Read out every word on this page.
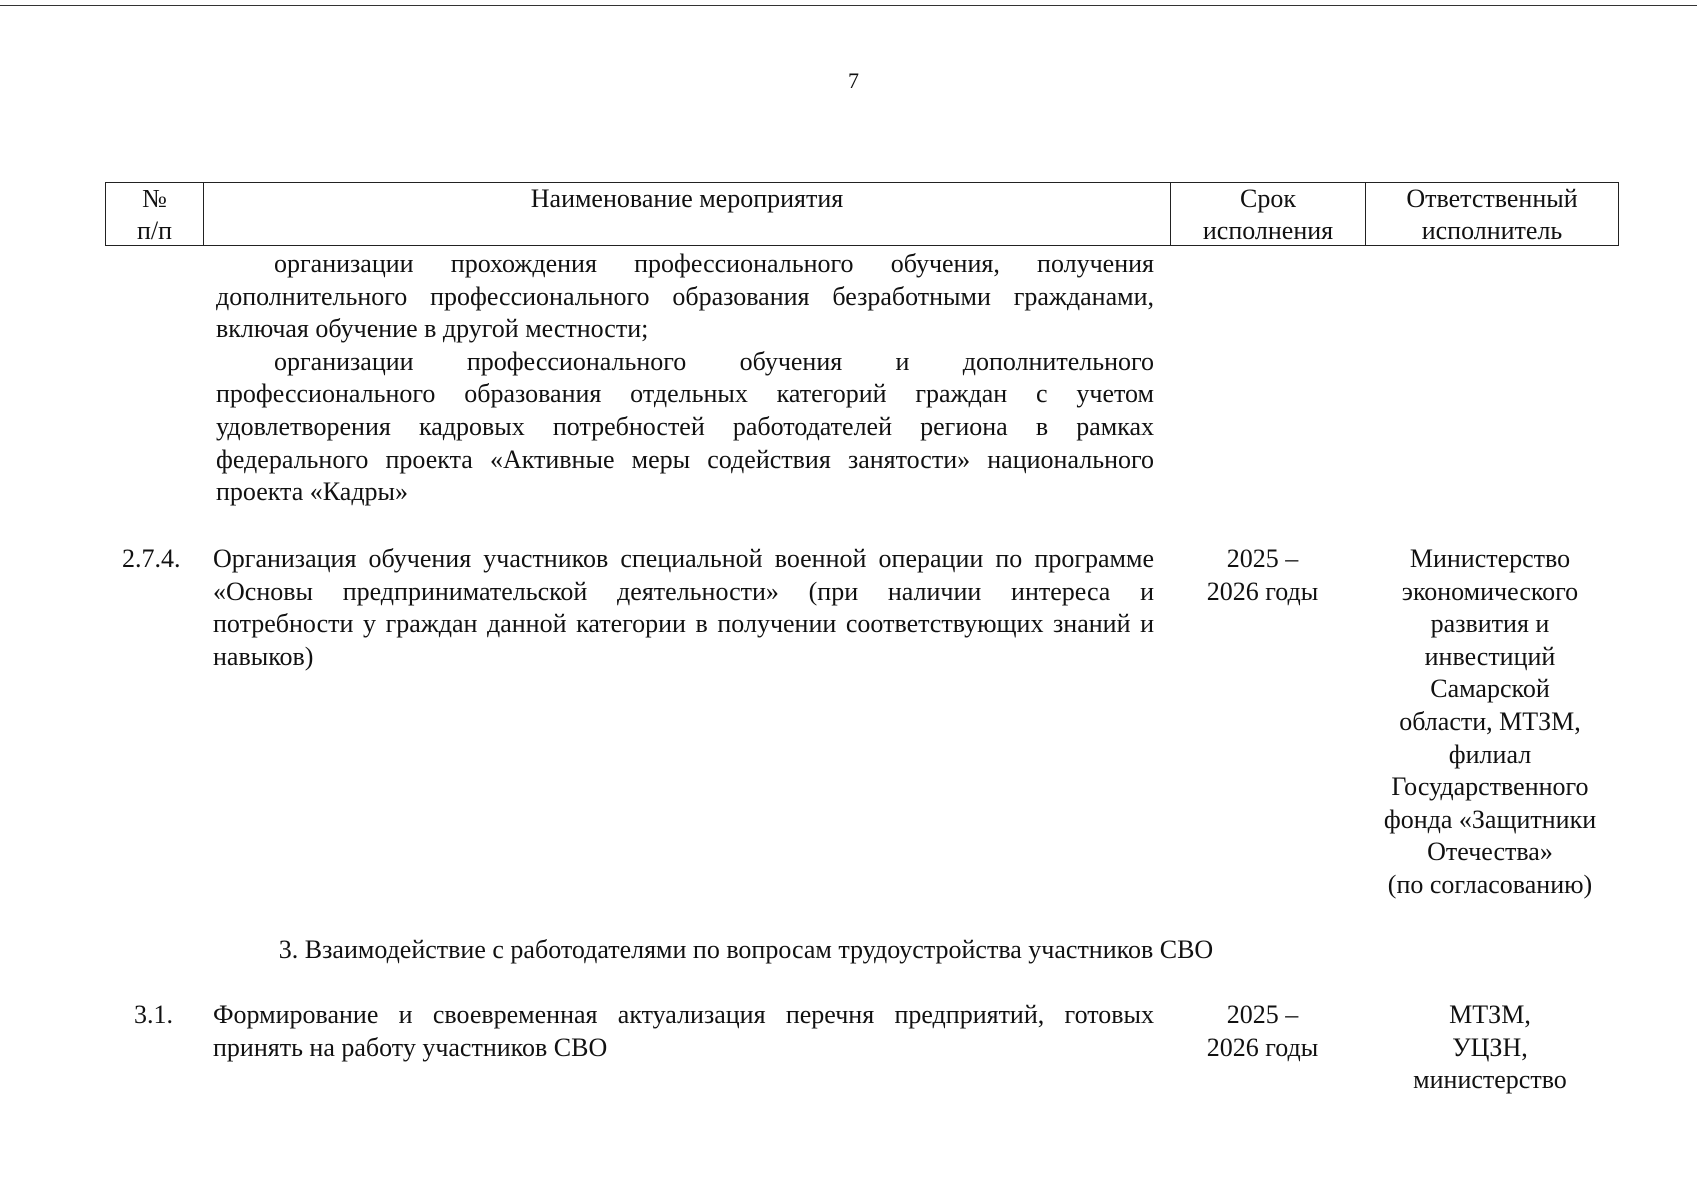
7
№
п/п
Наименование мероприятия	Срок
исполнения
Ответственный
исполнитель

организации прохождения профессионального обучения, получения дополнительного профессионального образования безработными гражданами, включая обучение в другой местности;

организации профессионального обучения и дополнительного профессионального образования отдельных категорий граждан с учетом удовлетворения кадровых потребностей работодателей региона в рамках федерального проекта «Активные меры содействия занятости» национального проекта «Кадры»

2.7.4. Организация обучения участников специальной военной операции по программе «Основы предпринимательской деятельности» (при наличии интереса и потребности у граждан данной категории в получении соответствующих знаний и навыков)

2025 –
2026 годы
Министерство
экономического
развития и
инвестиций
Самарской
области, МТЗМ,
филиал
Государственного
фонда «Защитники
Отечества»
(по согласованию)
3. Взаимодействие с работодателями по вопросам трудоустройства участников СВО
3.1. Формирование и своевременная актуализация перечня предприятий, готовых принять на работу участников СВО

2025 –
2026 годы
МТЗМ,
УЦЗН,
министерство
